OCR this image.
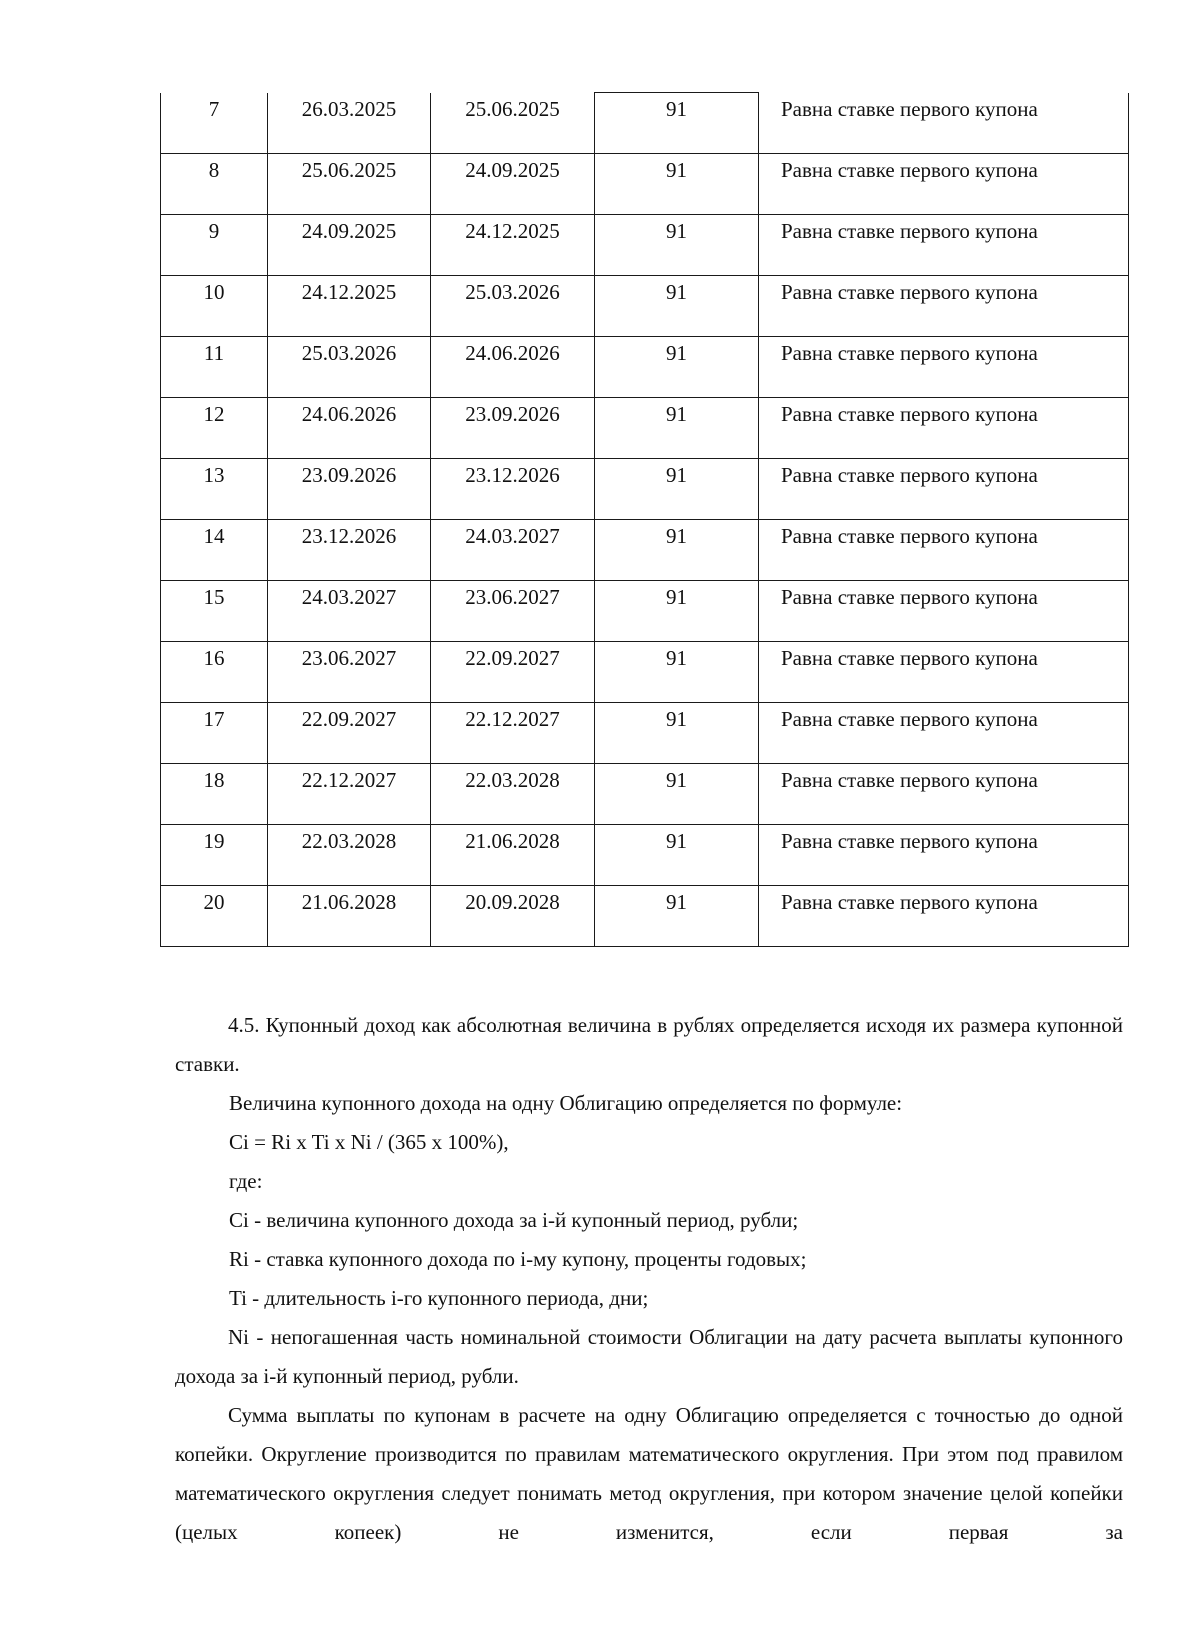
7	26.03.2025	25.06.2025	91	Равна ставке первого купона

8	25.06.2025	24.09.2025	91	Равна ставке первого купона

9	24.09.2025	24.12.2025	91	Равна ставке первого купона

10	24.12.2025	25.03.2026	91	Равна ставке первого купона

11	25.03.2026	24.06.2026	91	Равна ставке первого купона

12	24.06.2026	23.09.2026	91	Равна ставке первого купона

13	23.09.2026	23.12.2026	91	Равна ставке первого купона

14	23.12.2026	24.03.2027	91	Равна ставке первого купона

15	24.03.2027	23.06.2027	91	Равна ставке первого купона

16	23.06.2027	22.09.2027	91	Равна ставке первого купона

17	22.09.2027	22.12.2027	91	Равна ставке первого купона

18	22.12.2027	22.03.2028	91	Равна ставке первого купона

19	22.03.2028	21.06.2028	91	Равна ставке первого купона

20	21.06.2028	20.09.2028	91	Равна ставке первого купона

4.5. Купонный доход как абсолютная величина в рублях определяется исходя их размера купонной ставки.

Величина купонного дохода на одну Облигацию определяется по формуле:

Ci = Ri x Ti x Ni / (365 x 100%),

где:

Ci - величина купонного дохода за i-й купонный период, рубли;

Ri - ставка купонного дохода по i-му купону, проценты годовых;

Ti - длительность i-го купонного периода, дни;

Ni - непогашенная часть номинальной стоимости Облигации на дату расчета выплаты купонного дохода за i-й купонный период, рубли.

Сумма выплаты по купонам в расчете на одну Облигацию определяется с точностью до одной копейки. Округление производится по правилам математического округления. При этом под правилом математического округления следует понимать метод округления, при котором значение целой копейки (целых копеек) не изменится, если первая за
